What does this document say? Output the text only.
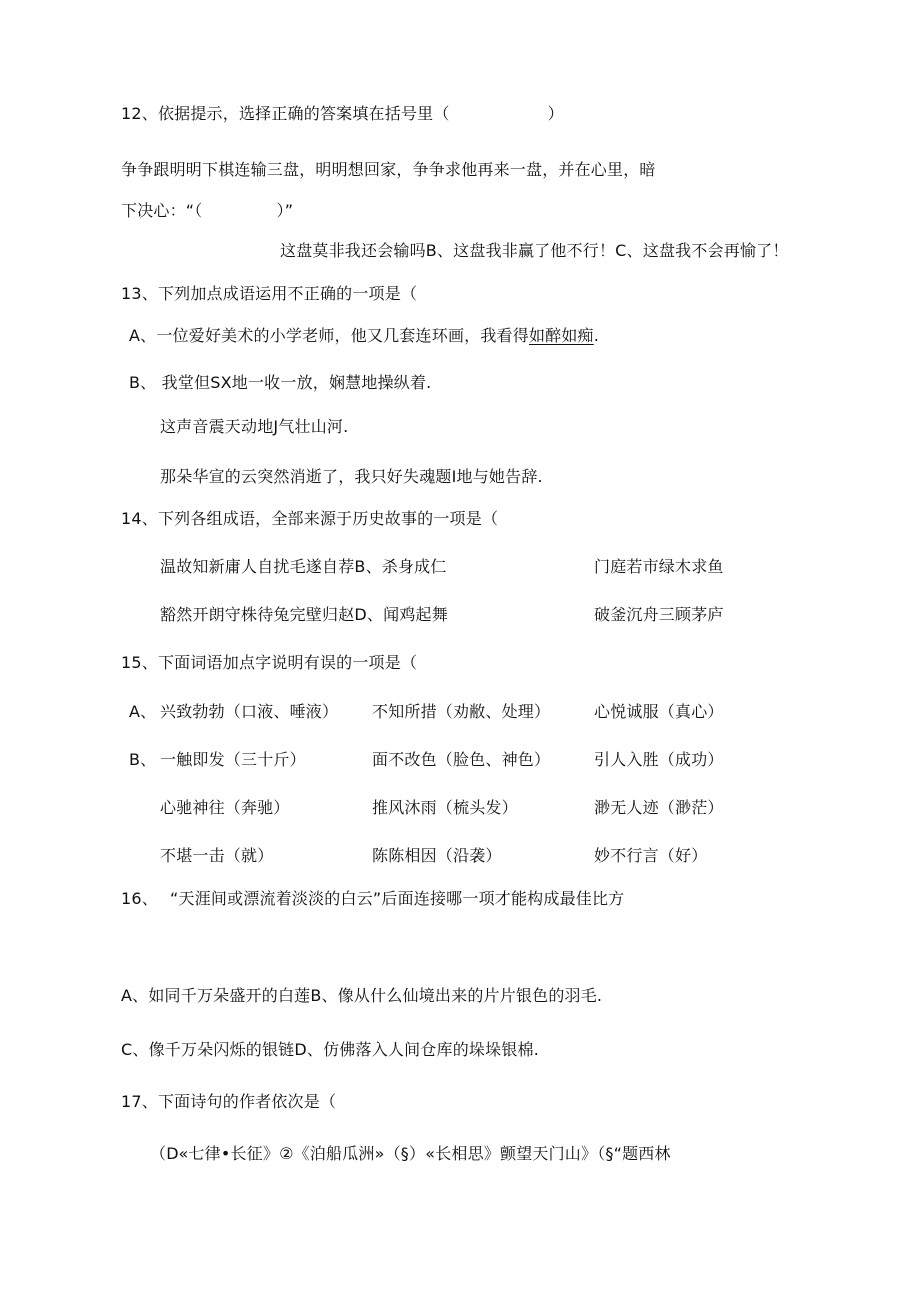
12、依据提示，选择正确的答案填在括号里（	）
争争跟明明下棋连输三盘，明明想回家，争争求他再来一盘，并在心里，暗
下决心：“（	）”
这盘莫非我还会输吗B、这盘我非赢了他不行！C、这盘我不会再愉了！
13、下列加点成语运用不正确的一项是（
A、一位爱好美术的小学老师，他又几套连环画，我看得如醉如痴.
B、 我堂但SX地一收一放，娴慧地操纵着.
这声音震天动地J气壮山河.
那朵华宣的云突然消逝了，我只好失魂题I地与她告辞.
14、下列各组成语，全部来源于历史故事的一项是（
温故知新庸人自扰毛遂自荐B、杀身成仁	门庭若市绿木求鱼
豁然开朗守株待兔完壁归赵D、闻鸡起舞	破釜沉舟三顾茅庐
15、下面词语加点字说明有误的一项是（
A、 兴致勃勃（口液、唾液） 不知所措（劝敝、处理）	心悦诚服（真心）
B、 一触即发（三十斤）	面不改色（脸色、神色）	引人入胜（成功）
心驰神往（奔驰）	推风沐雨（梳头发）	渺无人迹（渺茫）
不堪一击（就）	陈陈相因（沿袭）	妙不行言（好）
16、 “天涯间或漂流着淡淡的白云”后面连接哪一项才能构成最佳比方
A、如同千万朵盛开的白莲B、像从什么仙境出来的片片银色的羽毛.
C、像千万朵闪烁的银链D、仿佛落入人间仓库的垛垛银棉.
17、下面诗句的作者依次是（
（D«七律•长征》②《泊船瓜洲»（§）«长相思》颤望天门山》（§“题西林
